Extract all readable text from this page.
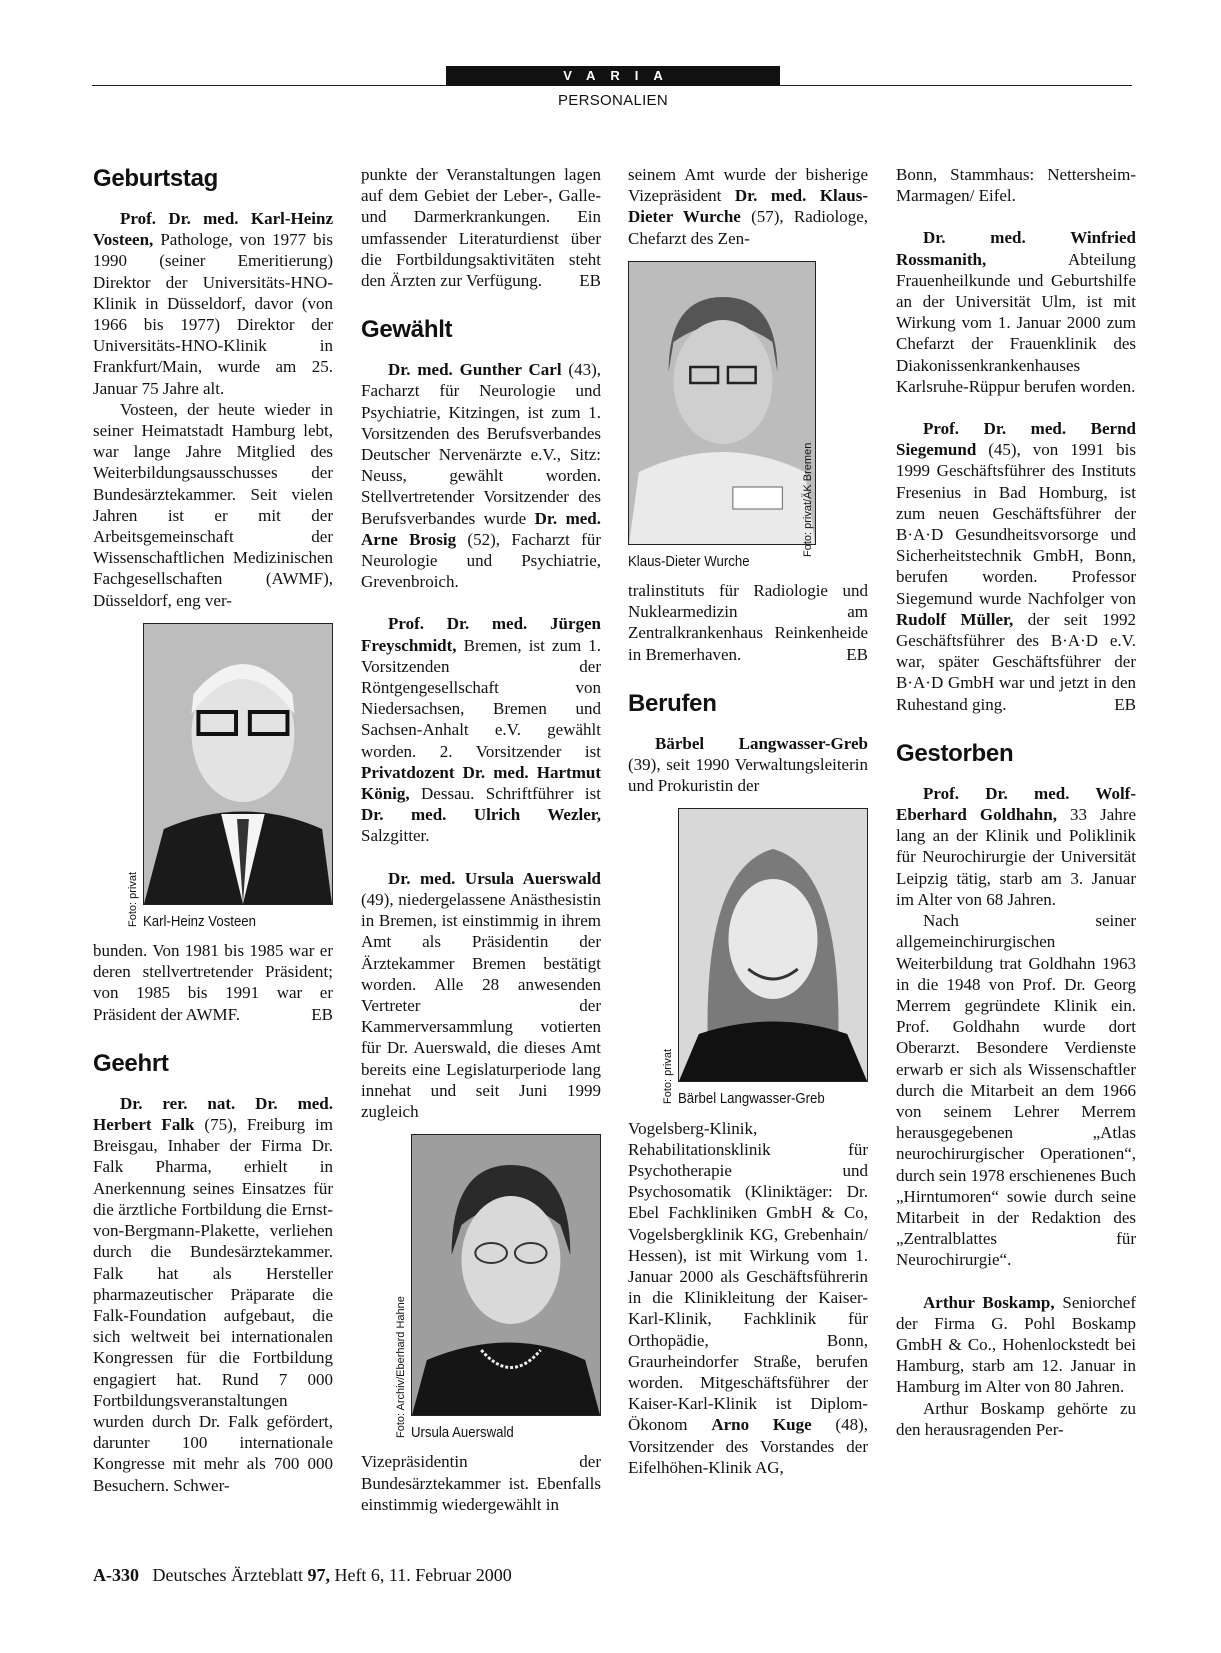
VARIA
PERSONALIEN
Geburtstag

Prof. Dr. med. Karl-Heinz Vosteen, Pathologe, von 1977 bis 1990 (seiner Emeritierung) Direktor der Universitäts-HNO-Klinik in Düsseldorf, davor (von 1966 bis 1977) Direktor der Universitäts-HNO-Klinik in Frankfurt/Main, wurde am 25. Januar 75 Jahre alt.

Vosteen, der heute wieder in seiner Heimatstadt Hamburg lebt, war lange Jahre Mitglied des Weiterbildungsausschusses der Bundesärztekammer. Seit vielen Jahren ist er mit der Arbeitsgemeinschaft der Wissenschaftlichen Medizinischen Fachgesellschaften (AWMF), Düsseldorf, eng ver-

Foto: privat Karl-Heinz Vosteen

bunden. Von 1981 bis 1985 war er deren stellvertretender Präsident; von 1985 bis 1991 war er Präsident der AWMF.	EB

Geehrt

Dr. rer. nat. Dr. med. Herbert Falk (75), Freiburg im Breisgau, Inhaber der Firma Dr. Falk Pharma, erhielt in Anerkennung seines Einsatzes für die ärztliche Fortbildung die Ernst-von-Bergmann-Plakette, verliehen durch die Bundesärztekammer. Falk hat als Hersteller pharmazeutischer Präparate die Falk-Foundation aufgebaut, die sich weltweit bei internationalen Kongressen für die Fortbildung engagiert hat. Rund 7 000 Fortbildungsveranstaltungen wurden durch Dr. Falk gefördert, darunter 100 internationale Kongresse mit mehr als 700 000 Besuchern. Schwer-

punkte der Veranstaltungen lagen auf dem Gebiet der Leber-, Galle- und Darmerkrankungen. Ein umfassender Literaturdienst über die Fortbildungsaktivitäten steht den Ärzten zur Verfügung. EB

Gewählt

Dr. med. Gunther Carl (43), Facharzt für Neurologie und Psychiatrie, Kitzingen, ist zum 1. Vorsitzenden des Berufsverbandes Deutscher Nervenärzte e.V., Sitz: Neuss, gewählt worden. Stellvertretender Vorsitzender des Berufsverbandes wurde Dr. med. Arne Brosig (52), Facharzt für Neurologie und Psychiatrie, Grevenbroich.

Prof. Dr. med. Jürgen Freyschmidt, Bremen, ist zum 1. Vorsitzenden der Röntgengesellschaft von Niedersachsen, Bremen und Sachsen-Anhalt e.V. gewählt worden. 2. Vorsitzender ist Privatdozent Dr. med. Hartmut König, Dessau. Schriftführer ist Dr. med. Ulrich Wezler, Salzgitter.

Dr. med. Ursula Auerswald (49), niedergelassene Anästhesistin in Bremen, ist einstimmig in ihrem Amt als Präsidentin der Ärztekammer Bremen bestätigt worden. Alle 28 anwesenden Vertreter der Kammerversammlung votierten für Dr. Auerswald, die dieses Amt bereits eine Legislaturperiode lang innehat und seit Juni 1999 zugleich

Foto: Archiv/Eberhard Hahne Ursula Auerswald

Vizepräsidentin der Bundesärztekammer ist. Ebenfalls einstimmig wiedergewählt in

seinem Amt wurde der bisherige Vizepräsident Dr. med. Klaus-Dieter Wurche (57), Radiologe, Chefarzt des Zen-

Foto: privat/ÄK Bremen
Klaus-Dieter Wurche

tralinstituts für Radiologie und Nuklearmedizin am Zentralkrankenhaus Reinkenheide in Bremerhaven.	EB

Berufen

Bärbel Langwasser-Greb (39), seit 1990 Verwaltungsleiterin und Prokuristin der

Foto: privat Bärbel Langwasser-Greb

Vogelsberg-Klinik, Rehabilitationsklinik für Psychotherapie und Psychosomatik (Kliniktäger: Dr. Ebel Fachkliniken GmbH & Co, Vogelsbergklinik KG, Grebenhain/ Hessen), ist mit Wirkung vom 1. Januar 2000 als Geschäftsführerin in die Klinikleitung der Kaiser-Karl-Klinik, Fachklinik für Orthopädie, Bonn, Graurheindorfer Straße, berufen worden. Mitgeschäftsführer der Kaiser-Karl-Klinik ist Diplom-Ökonom Arno Kuge (48), Vorsitzender des Vorstandes der Eifelhöhen-Klinik AG,

Bonn, Stammhaus: Nettersheim-Marmagen/ Eifel.

Dr. med. Winfried Rossmanith, Abteilung Frauenheilkunde und Geburtshilfe an der Universität Ulm, ist mit Wirkung vom 1. Januar 2000 zum Chefarzt der Frauenklinik des Diakonissenkrankenhauses Karlsruhe-Rüppur berufen worden.

Prof. Dr. med. Bernd Siegemund (45), von 1991 bis 1999 Geschäftsführer des Instituts Fresenius in Bad Homburg, ist zum neuen Geschäftsführer der B·A·D Gesundheitsvorsorge und Sicherheitstechnik GmbH, Bonn, berufen worden. Professor Siegemund wurde Nachfolger von Rudolf Müller, der seit 1992 Geschäftsführer des B·A·D e.V. war, später Geschäftsführer der B·A·D GmbH war und jetzt in den Ruhestand ging.	EB

Gestorben

Prof. Dr. med. Wolf-Eberhard Goldhahn, 33 Jahre lang an der Klinik und Poliklinik für Neurochirurgie der Universität Leipzig tätig, starb am 3. Januar im Alter von 68 Jahren.

Nach seiner allgemeinchirurgischen Weiterbildung trat Goldhahn 1963 in die 1948 von Prof. Dr. Georg Merrem gegründete Klinik ein. Prof. Goldhahn wurde dort Oberarzt. Besondere Verdienste erwarb er sich als Wissenschaftler durch die Mitarbeit an dem 1966 von seinem Lehrer Merrem herausgegebenen „Atlas neurochirurgischer Operationen“, durch sein 1978 erschienenes Buch „Hirntumoren“ sowie durch seine Mitarbeit in der Redaktion des „Zentralblattes für Neurochirurgie“.

Arthur Boskamp, Seniorchef der Firma G. Pohl Boskamp GmbH & Co., Hohenlockstedt bei Hamburg, starb am 12. Januar in Hamburg im Alter von 80 Jahren.

Arthur Boskamp gehörte zu den herausragenden Per-

A-330 Deutsches Ärzteblatt 97, Heft 6, 11. Februar 2000
